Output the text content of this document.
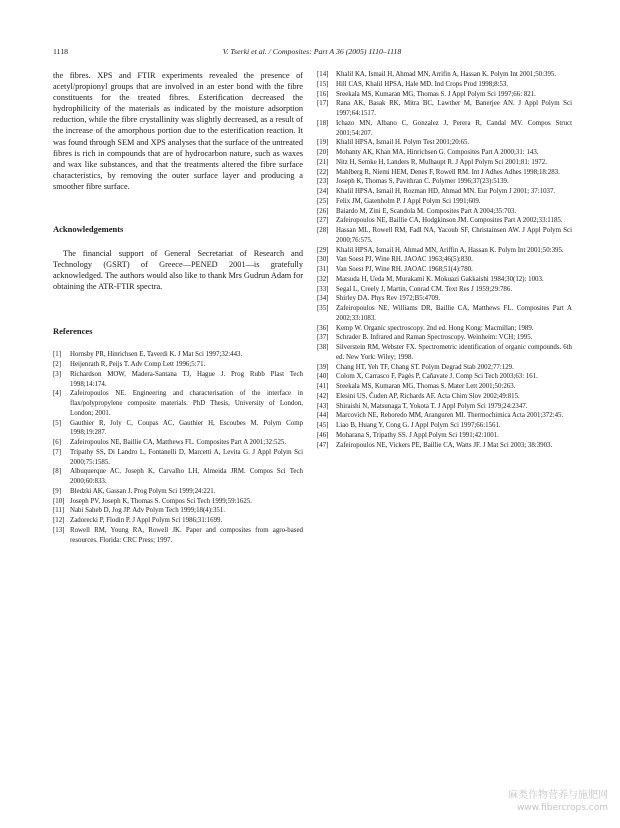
1118	V. Tserki et al. / Composites: Part A 36 (2005) 1110–1118

the fibres. XPS and FTIR experiments revealed the presence of acetyl/propionyl groups that are involved in an ester bond with the fibre constituents for the treated fibres. Esterification decreased the hydrophilicity of the materials as indicated by the moisture adsorption reduction, while the fibre crystallinity was slightly decreased, as a result of the increase of the amorphous portion due to the esterification reaction. It was found through SEM and XPS analyses that the surface of the untreated fibres is rich in compounds that are of hydrocarbon nature, such as waxes and wax like substances, and that the treatments altered the fibre surface characteristics, by removing the outer surface layer and producing a smoother fibre surface.

Acknowledgements

The financial support of General Secretariat of Research and Technology (GSRT) of Greece—PENED 2001—is gratefully acknowledged. The authors would also like to thank Mrs Gudrun Adam for obtaining the ATR-FTIR spectra.

References
[1] Hornsby PR, Hinrichsen E, Taverdi K. J Mat Sci 1997;32:443.
[2] Heijenrath R, Peijs T. Adv Comp Lett 1996;5:71.
[3] Richardson MOW, Madera-Santana TJ, Hague J. Prog Rubb Plast Tech 1998;14:174.
[4] Zafeiropoulos NE. Engineering and characterisation of the interface in flax/polypropylene composite materials. PhD Thesis, University of London, London; 2001.
[5] Gauthier R, Joly C, Coupas AC, Gauthier H, Escoubes M. Polym Comp 1998;19:287.
[6] Zafeiropoulos NE, Baillie CA, Matthews FL. Composites Part A 2001;32:525.
[7] Tripathy SS, Di Landro L, Fontanelli D, Marcetti A, Levita G. J Appl Polym Sci 2000;75:1585.
[8] Albuquerque AC, Joseph K, Carvalho LH, Almeida JRM. Compos Sci Tech 2000;60:833.
[9] Bledzki AK, Gassan J. Prog Polym Sci 1999;24:221.
[10] Joseph PV, Joseph K, Thomas S. Compos Sci Tech 1999;59:1625.
[11] Nabi Saheb D, Jog JP. Adv Polym Tech 1999;18(4):351.
[12] Zadorecki P, Flodin P. J Appl Polym Sci 1986;31:1699.
[13] Rowell RM, Young RA, Rowell JK. Paper and composites from agro-based resources. Florida: CRC Press; 1997.
[14] Khalil KA, Ismail H, Ahmad MN, Arrifin A, Hassan K. Polym Int 2001;50:395.
[15] Hill CAS, Khalil HPSA, Hale MD. Ind Crops Prod 1998;8:53.
[16] Sreekala MS, Kumaran MG, Thomas S. J Appl Polym Sci 1997;66: 821.
[17] Rana AK, Basak RK, Mitra BC, Lawther M, Banerjee AN. J Appl Polym Sci 1997;64:1517.
[18] Ichazo MN, Albano C, Gonzalez J, Perera R, Candal MV. Compos Struct 2001;54:207.
[19] Khalil HPSA, Ismail H. Polym Test 2001;20:65.
[20] Mohanty AK, Khan MA, Hinrichsen G. Composites Part A 2000;31: 143.
[21] Nitz H, Semke H, Landers R, Mulhaupt R. J Appl Polym Sci 2001;81: 1972.
[22] Mahlberg R, Niemi HEM, Denes F, Rowell RM. Int J Adhes Adhes 1998;18:283.
[23] Joseph K, Thomas S, Pavithran C. Polymer 1996;37(23):5139.
[24] Khalil HPSA, Ismail H, Rozman HD, Ahmad MN. Eur Polym J 2001; 37:1037.
[25] Felix JM, Gatenholm P. J Appl Polym Sci 1991;609.
[26] Baiardo M, Zini E, Scandola M. Composites Part A 2004;35:703.
[27] Zafeiropoulos NE, Baillie CA, Hodgkinson JM. Composites Part A 2002;33:1185.
[28] Hassan ML, Rowell RM, Fadl NA, Yacoub SF, Christainsen AW. J Appl Polym Sci 2000;76:575.
[29] Khalil HPSA, Ismail H, Ahmad MN, Ariffin A, Hassan K. Polym Int 2001;50:395.
[30] Van Soest PJ, Wine RH. JAOAC 1963;46(5):830.
[31] Van Soest PJ, Wine RH. JAOAC 1968;51(4):780.
[32] Matsuda H, Ueda M, Murakami K. Mokuazi Gakkaishi 1984;30(12): 1003.
[33] Segal L, Creely J, Martin, Conrad CM. Text Res J 1959;29:786.
[34] Shirley DA. Phys Rev 1972;B5:4709.
[35] Zafeiropoulos NE, Williams DR, Baillie CA, Matthews FL. Composites Part A 2002;33:1083.
[36] Kemp W. Organic spectroscopy. 2nd ed. Hong Kong: Macmillan; 1989.
[37] Schrader B. Infrared and Raman Spectroscopy. Weinheim: VCH; 1995.
[38] Silverstein RM, Webster FX. Spectrometric identification of organic compounds. 6th ed. New York: Wiley; 1998.
[39] Chang HT, Yeh TF, Chang ST. Polym Degrad Stab 2002;77:129.
[40] Colom X, Carrasco F, Pagès P, Cañavate J. Comp Sci Tech 2003;63: 161.
[41] Sreekala MS, Kumaran MG, Thomas S. Mater Lett 2001;50:263.
[42] Elesini US, Čuden AP, Richards AF. Acta Chim Slov 2002;49:815.
[43] Shiraishi N, Matsunaga T, Yokota T. J Appl Polym Sci 1979;24:2347.
[44] Marcovich NE, Reboredo MM, Aranguren MI. Thermochimica Acta 2001;372:45.
[45] Liao B, Huang Y, Cong G. J Appl Polym Sci 1997;66:1561.
[46] Moharana S, Tripathy SS. J Appl Polym Sci 1991;42:1001.
[47] Zafeiropoulos NE, Vickers PE, Baillie CA, Watts JF. J Mat Sci 2003; 38:3903.
麻类作物营养与施肥网
www.fibercrops.com
